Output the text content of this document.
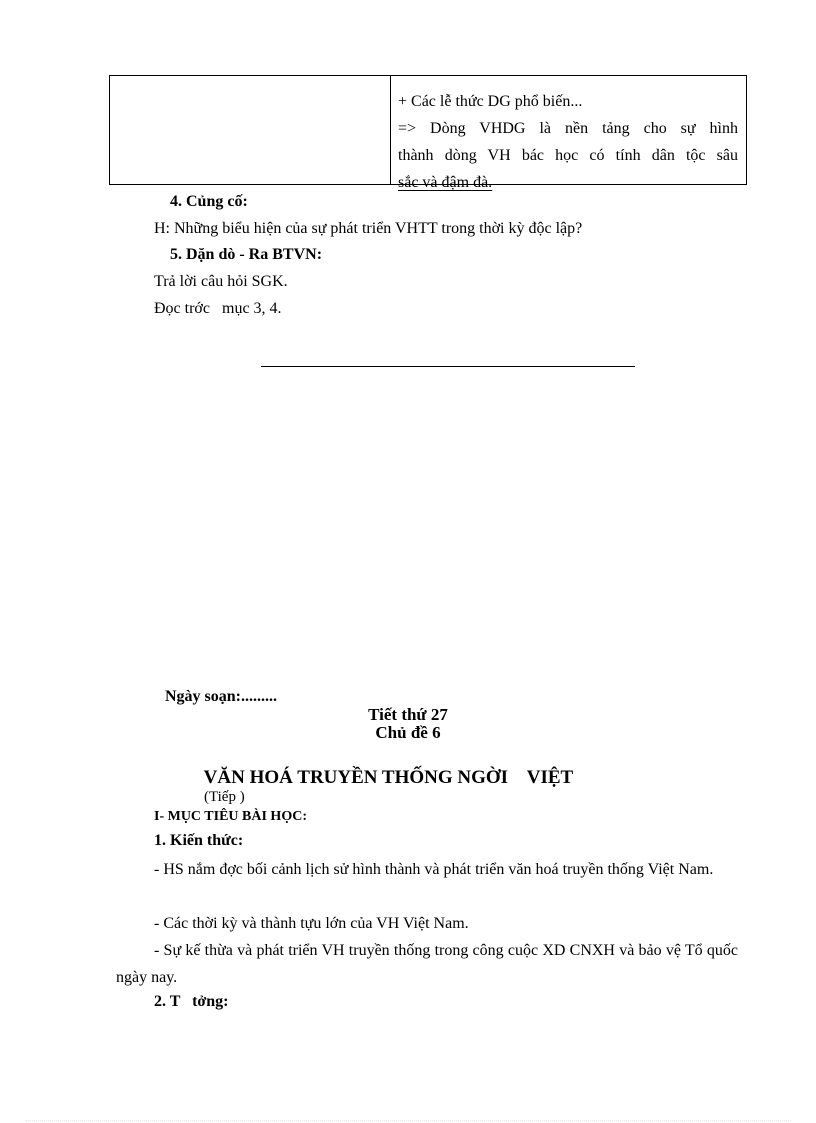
+ Các lễ thức DG phổ biến...
=> Dòng VHDG là nền tảng cho sự hình
thành dòng VH bác học có tính dân tộc sâu
sắc và đậm đà.
4. Củng cố:
H: Những biểu hiện của sự phát triển VHTT trong thời kỳ độc lập?
5. Dặn dò - Ra BTVN:
Trả lời câu hỏi SGK.
Đọc trớc   mục 3, 4.
Ngày soạn:.........
Tiết thứ 27
Chủ đề 6

VĂN HOÁ TRUYỀN THỐNG NGỜI    VIỆT
$^{(Tiếp )}$

I- MỤC TIÊU BÀI HỌC:
1. Kiến thức:
- HS nắm đợc bối cảnh lịch sử hình thành và phát triển văn hoá truyền thống Việt Nam.
- Các thời kỳ và thành tựu lớn của VH Việt Nam.
- Sự kế thừa và phát triển VH truyền thống trong công cuộc XD CNXH và bảo vệ Tổ quốc ngày nay.
2. T   tởng:
